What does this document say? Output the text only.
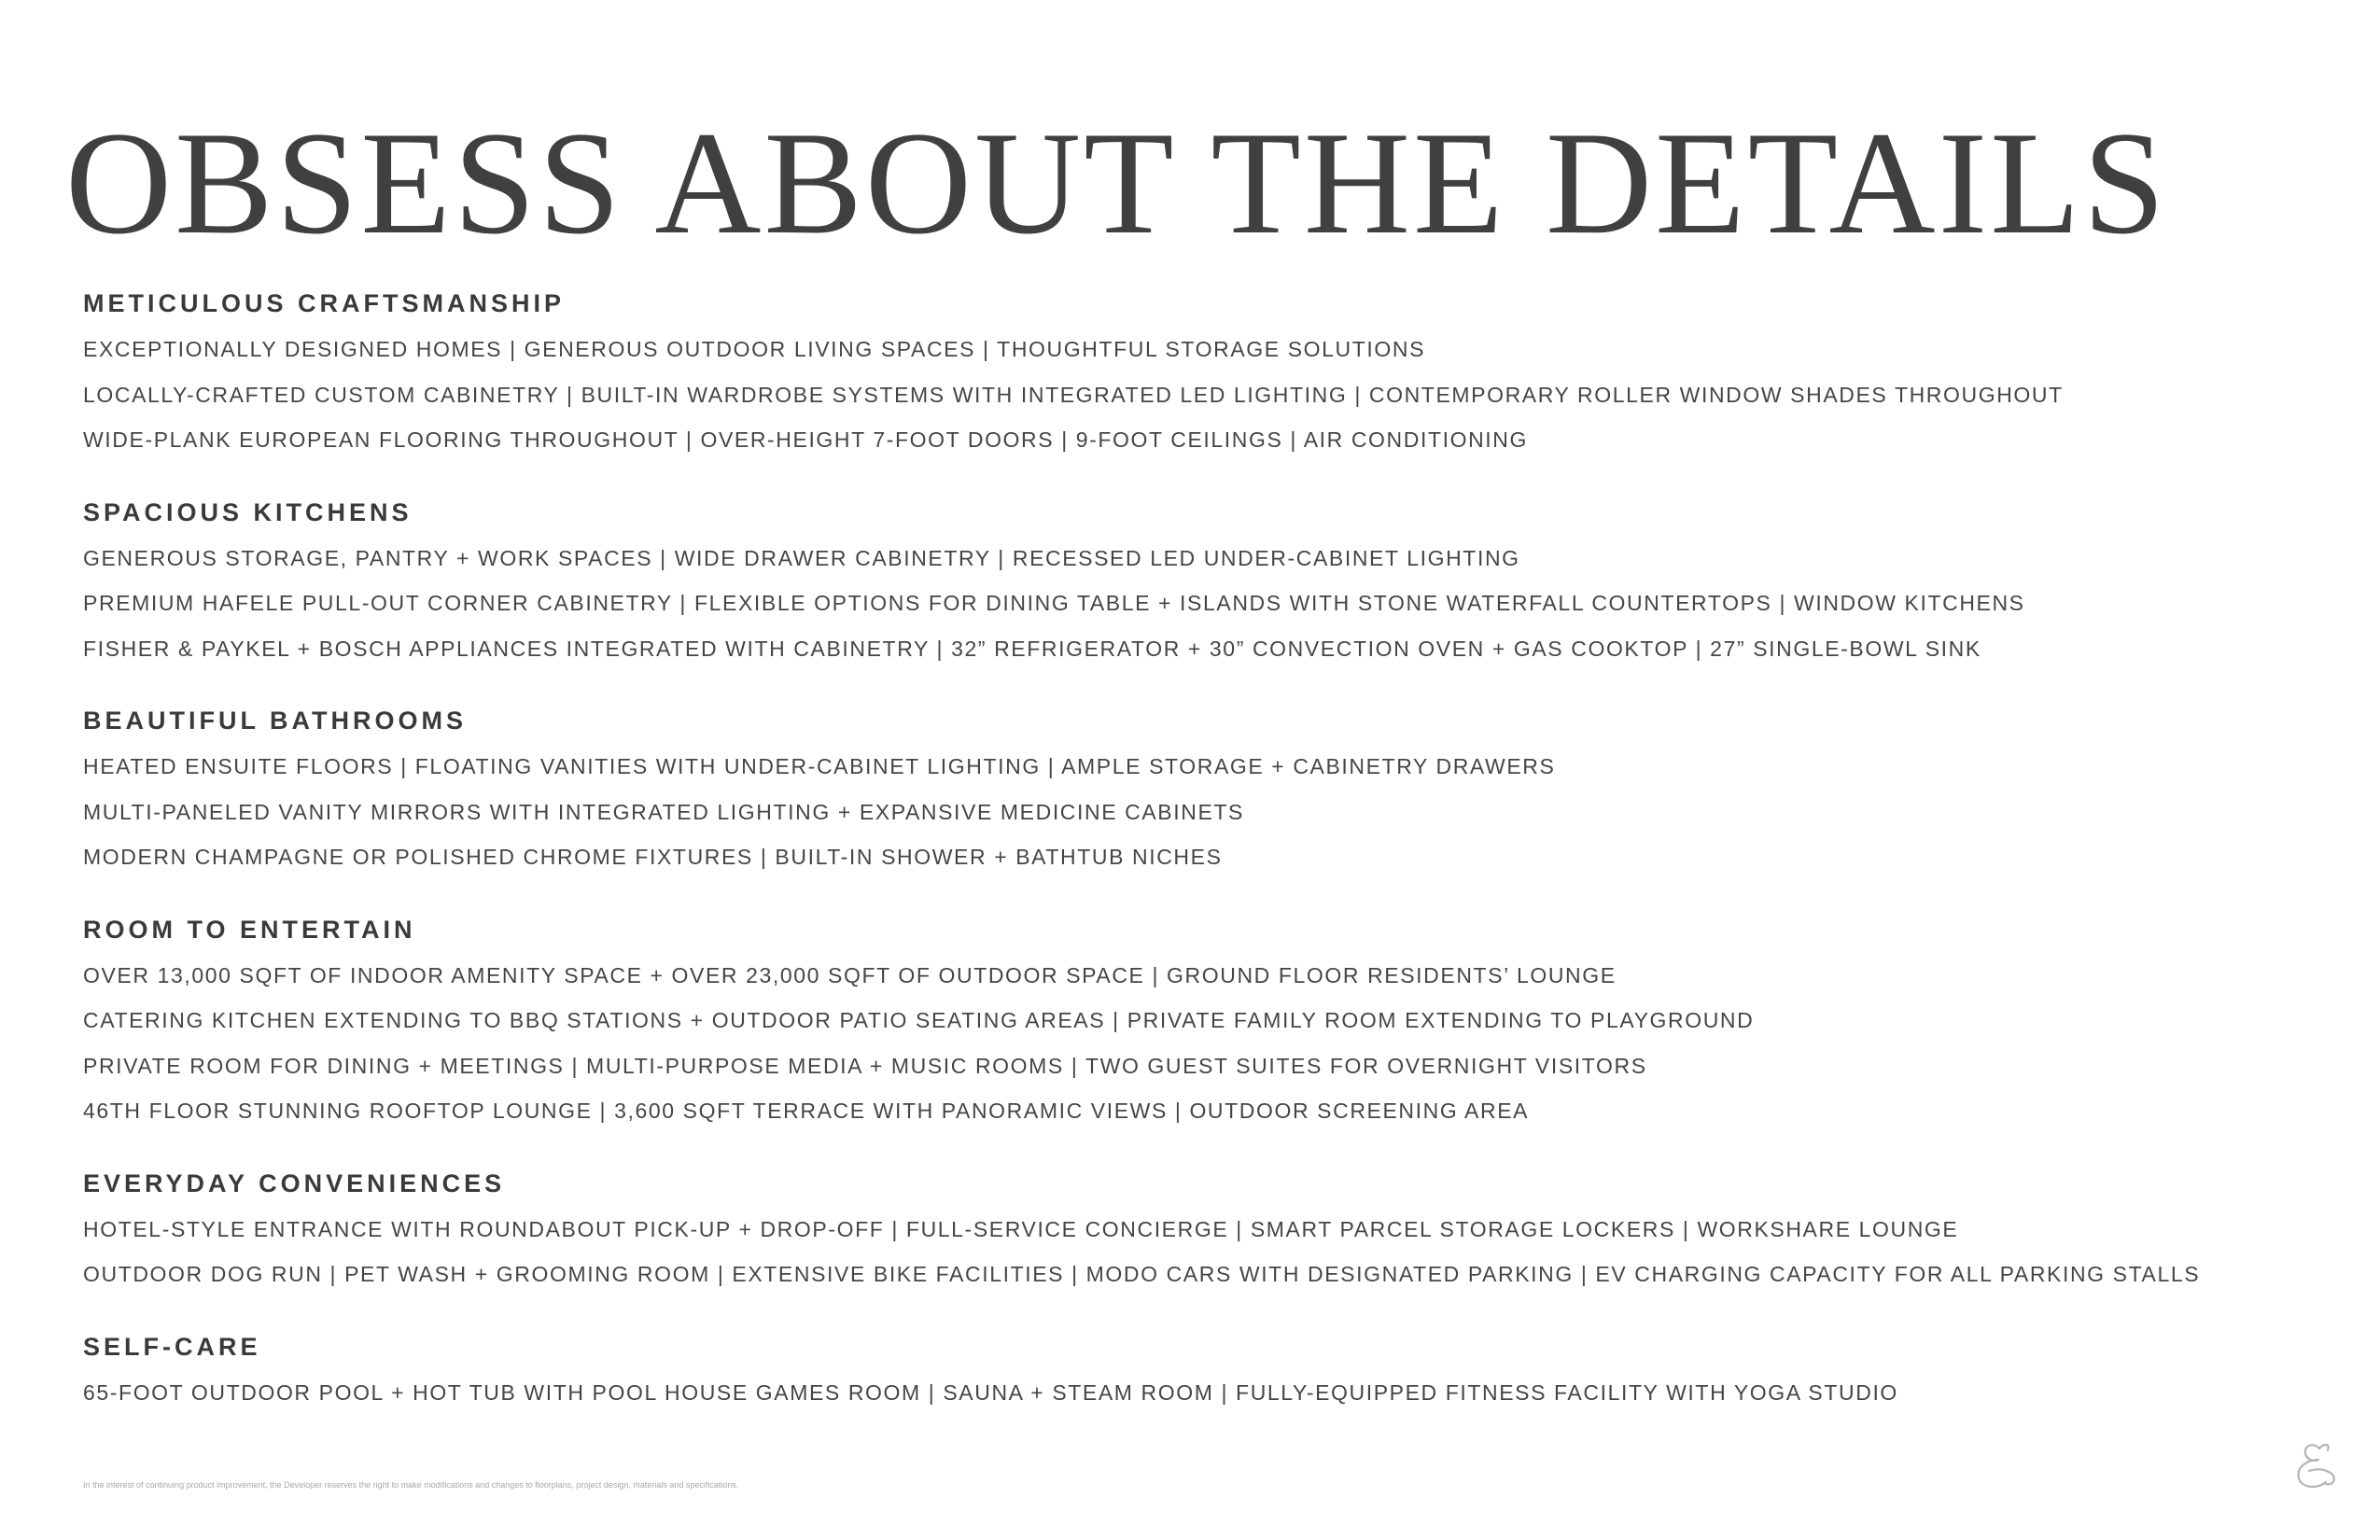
OBSESS ABOUT THE DETAILS
METICULOUS CRAFTSMANSHIP

EXCEPTIONALLY DESIGNED HOMES | GENEROUS OUTDOOR LIVING SPACES | THOUGHTFUL STORAGE SOLUTIONS

LOCALLY-CRAFTED CUSTOM CABINETRY | BUILT-IN WARDROBE SYSTEMS WITH INTEGRATED LED LIGHTING | CONTEMPORARY ROLLER WINDOW SHADES THROUGHOUT

WIDE-PLANK EUROPEAN FLOORING THROUGHOUT | OVER-HEIGHT 7-FOOT DOORS | 9-FOOT CEILINGS | AIR CONDITIONING

SPACIOUS KITCHENS

GENEROUS STORAGE, PANTRY + WORK SPACES | WIDE DRAWER CABINETRY | RECESSED LED UNDER-CABINET LIGHTING

PREMIUM HAFELE PULL-OUT CORNER CABINETRY | FLEXIBLE OPTIONS FOR DINING TABLE + ISLANDS WITH STONE WATERFALL COUNTERTOPS | WINDOW KITCHENS

FISHER & PAYKEL + BOSCH APPLIANCES INTEGRATED WITH CABINETRY | 32” REFRIGERATOR + 30” CONVECTION OVEN + GAS COOKTOP | 27” SINGLE-BOWL SINK

BEAUTIFUL BATHROOMS

HEATED ENSUITE FLOORS | FLOATING VANITIES WITH UNDER-CABINET LIGHTING | AMPLE STORAGE + CABINETRY DRAWERS

MULTI-PANELED VANITY MIRRORS WITH INTEGRATED LIGHTING + EXPANSIVE MEDICINE CABINETS

MODERN CHAMPAGNE OR POLISHED CHROME FIXTURES | BUILT-IN SHOWER + BATHTUB NICHES

ROOM TO ENTERTAIN

OVER 13,000 SQFT OF INDOOR AMENITY SPACE + OVER 23,000 SQFT OF OUTDOOR SPACE | GROUND FLOOR RESIDENTS’ LOUNGE

CATERING KITCHEN EXTENDING TO BBQ STATIONS + OUTDOOR PATIO SEATING AREAS | PRIVATE FAMILY ROOM EXTENDING TO PLAYGROUND

PRIVATE ROOM FOR DINING + MEETINGS | MULTI-PURPOSE MEDIA + MUSIC ROOMS | TWO GUEST SUITES FOR OVERNIGHT VISITORS

46TH FLOOR STUNNING ROOFTOP LOUNGE | 3,600 SQFT TERRACE WITH PANORAMIC VIEWS | OUTDOOR SCREENING AREA

EVERYDAY CONVENIENCES

HOTEL-STYLE ENTRANCE WITH ROUNDABOUT PICK-UP + DROP-OFF | FULL-SERVICE CONCIERGE | SMART PARCEL STORAGE LOCKERS | WORKSHARE LOUNGE

OUTDOOR DOG RUN | PET WASH + GROOMING ROOM | EXTENSIVE BIKE FACILITIES | MODO CARS WITH DESIGNATED PARKING | EV CHARGING CAPACITY FOR ALL PARKING STALLS

SELF-CARE

65-FOOT OUTDOOR POOL + HOT TUB WITH POOL HOUSE GAMES ROOM | SAUNA + STEAM ROOM | FULLY-EQUIPPED FITNESS FACILITY WITH YOGA STUDIO

In the interest of continuing product improvement, the Developer reserves the right to make modifications and changes to floorplans, project design, materials and specifications.
